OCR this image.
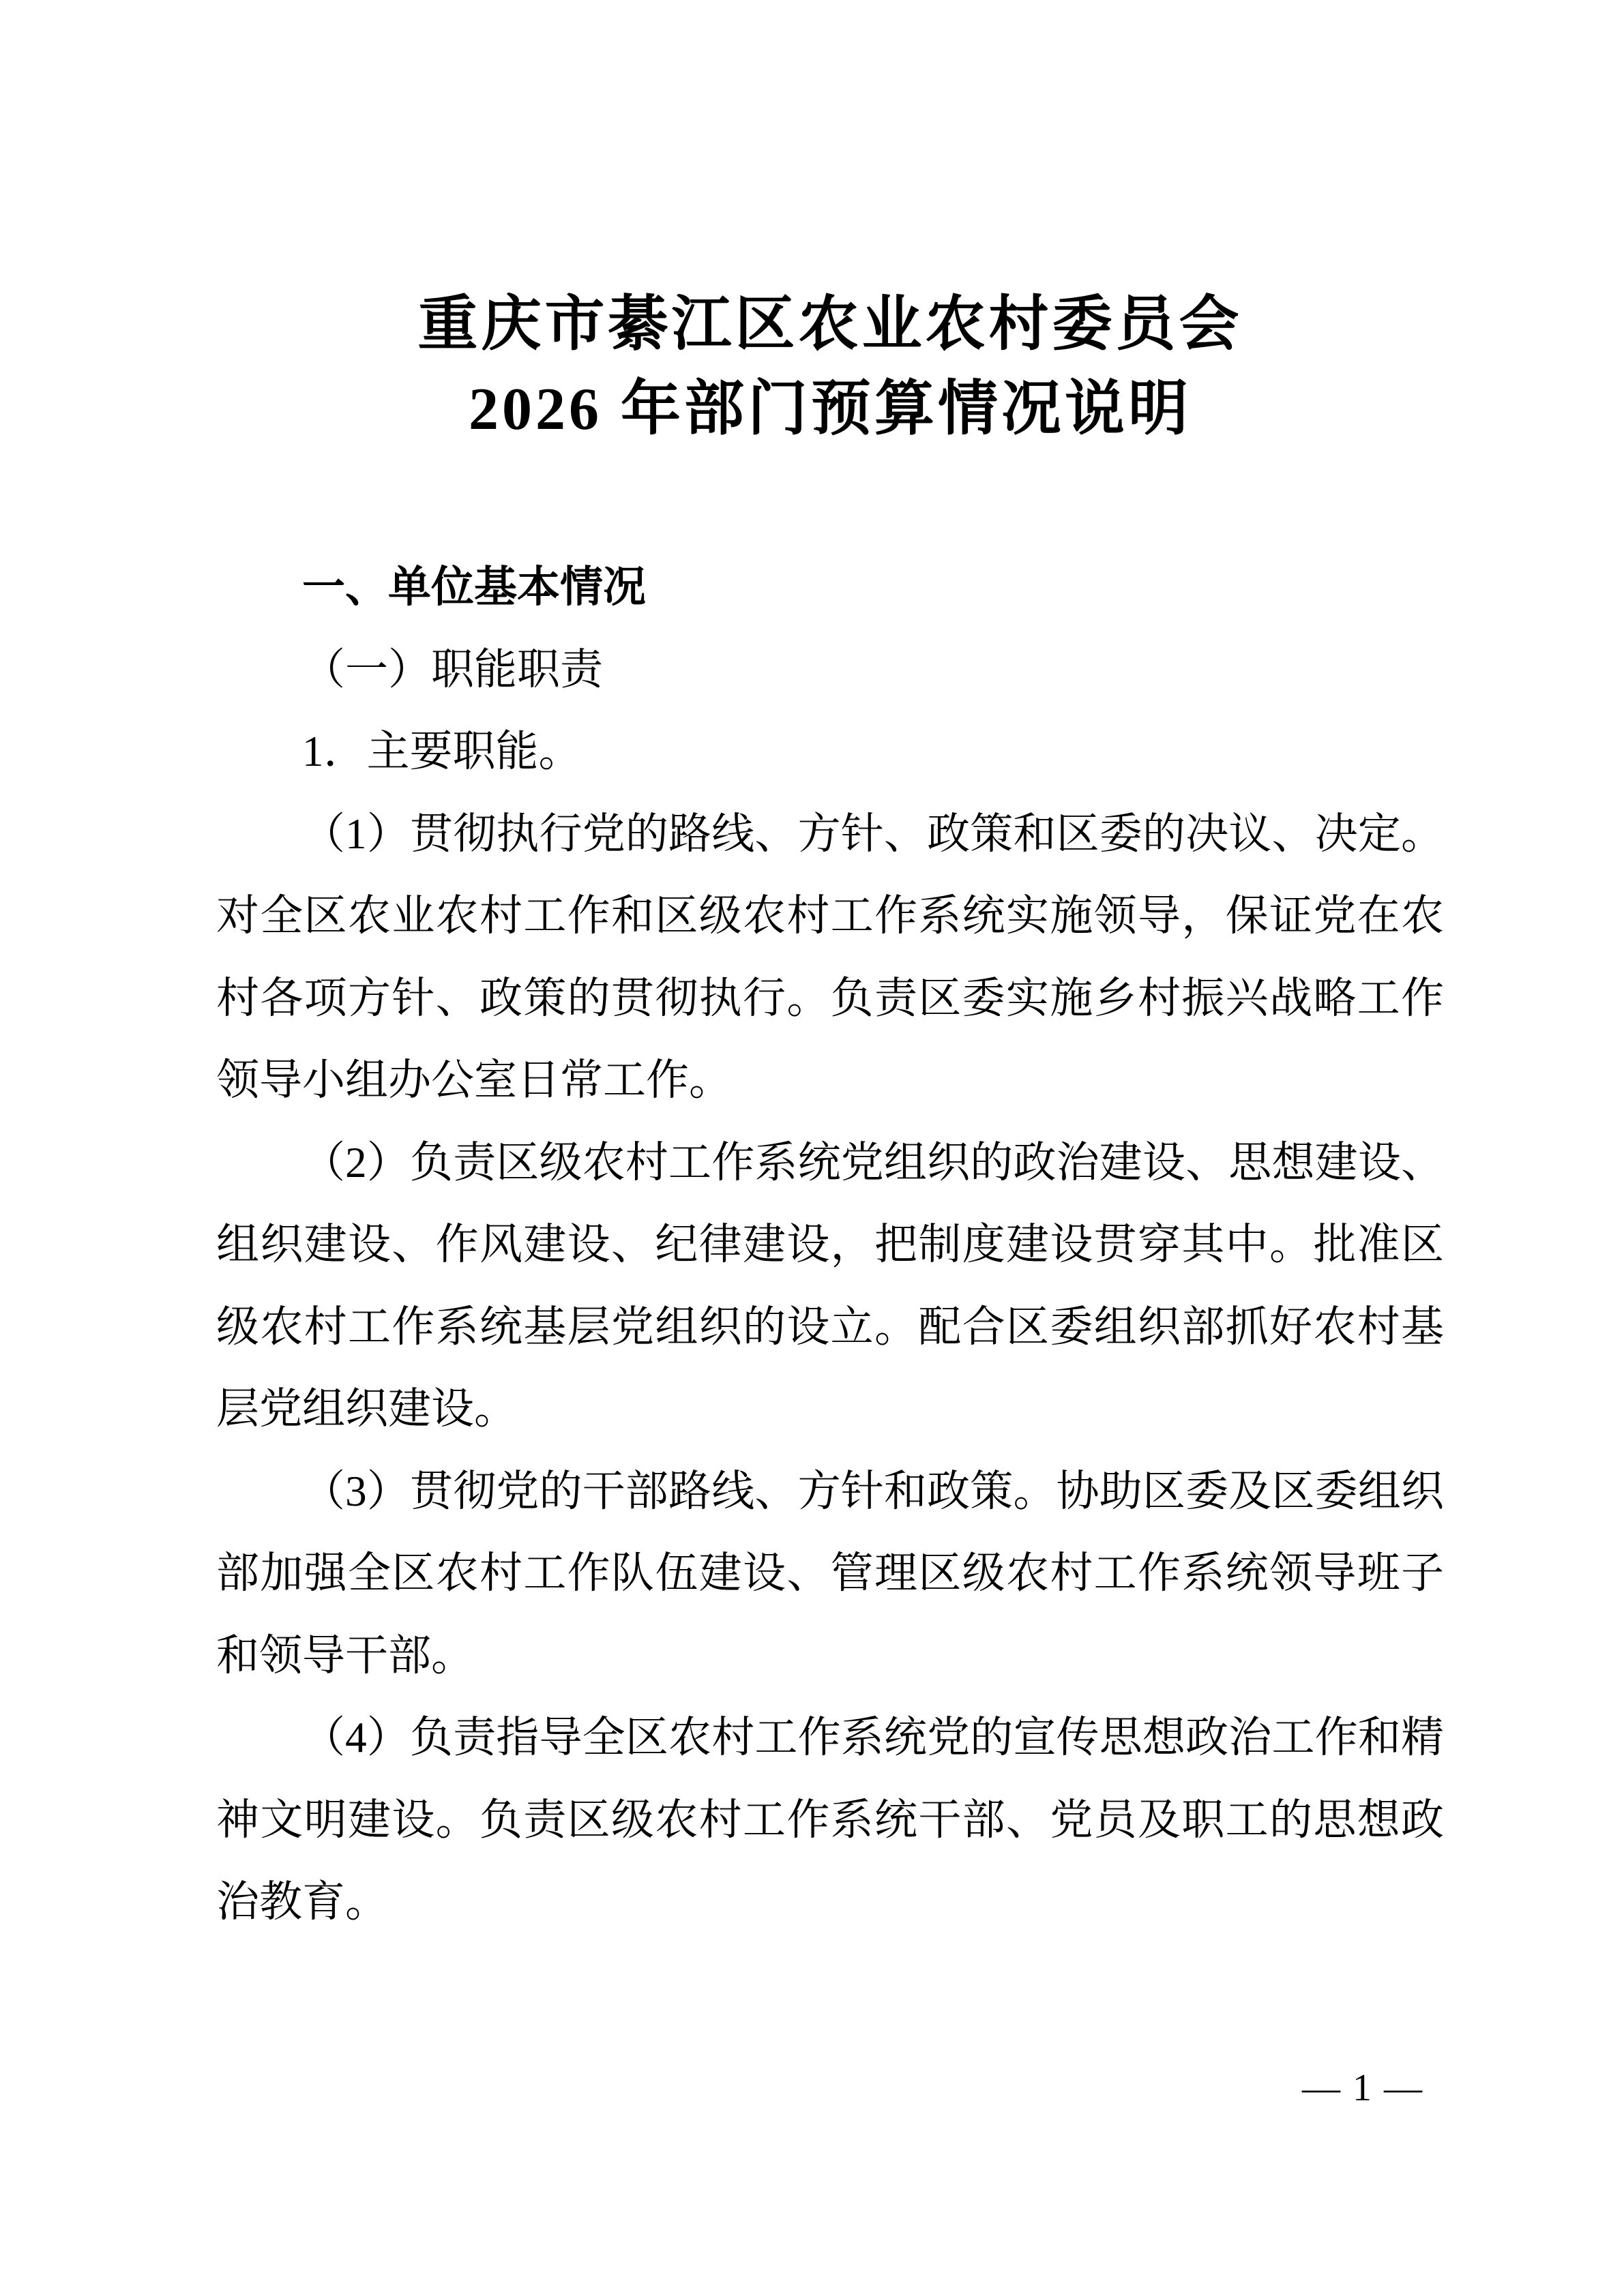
重庆市綦江区农业农村委员会
2026 年部门预算情况说明
一、单位基本情况
（一）职能职责
1．主要职能。

（1）贯彻执行党的路线、方针、政策和区委的决议、决定。对全区农业农村工作和区级农村工作系统实施领导，保证党在农村各项方针、政策的贯彻执行。负责区委实施乡村振兴战略工作领导小组办公室日常工作。

（2）负责区级农村工作系统党组织的政治建设、思想建设、组织建设、作风建设、纪律建设，把制度建设贯穿其中。批准区级农村工作系统基层党组织的设立。配合区委组织部抓好农村基层党组织建设。

（3）贯彻党的干部路线、方针和政策。协助区委及区委组织部加强全区农村工作队伍建设、管理区级农村工作系统领导班子和领导干部。

（4）负责指导全区农村工作系统党的宣传思想政治工作和精神文明建设。负责区级农村工作系统干部、党员及职工的思想政治教育。

— 1 —
